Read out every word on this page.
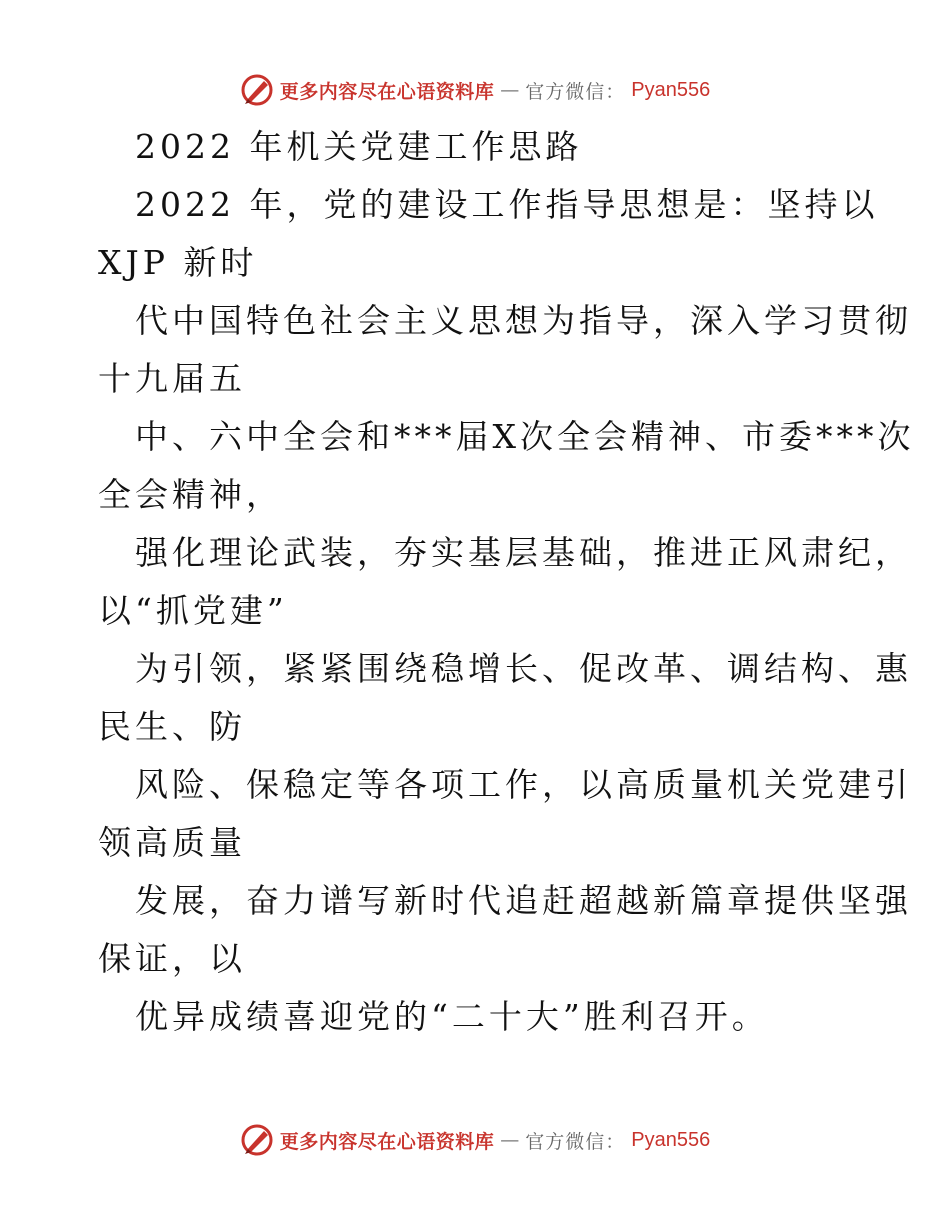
更多内容尽在心语资料库 — 官方微信： Pyan556
2022 年机关党建工作思路
2022 年，党的建设工作指导思想是：坚持以
XJP 新时
代中国特色社会主义思想为指导，深入学习贯彻
十九届五
中、六中全会和***届X次全会精神、市委***次
全会精神，
强化理论武装，夯实基层基础，推进正风肃纪，
以“抓党建”
为引领，紧紧围绕稳增长、促改革、调结构、惠
民生、防
风险、保稳定等各项工作，以高质量机关党建引
领高质量
发展，奋力谱写新时代追赶超越新篇章提供坚强
保证，以
优异成绩喜迎党的“二十大”胜利召开。
更多内容尽在心语资料库 — 官方微信： Pyan556
